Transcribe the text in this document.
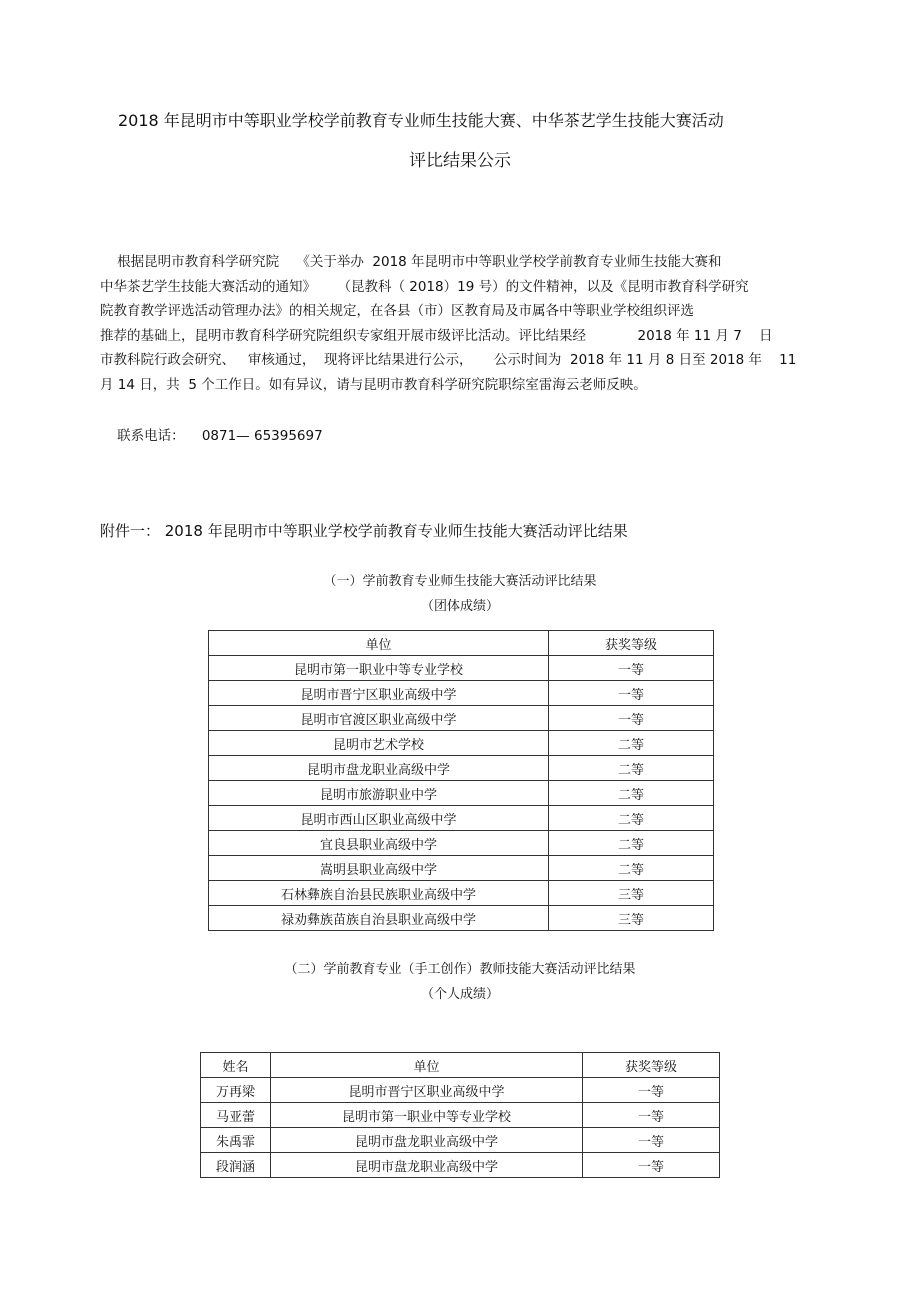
2018 年昆明市中等职业学校学前教育专业师生技能大赛、中华茶艺学生技能大赛活动
评比结果公示
根据昆明市教育科学研究院    《关于举办  2018 年昆明市中等职业学校学前教育专业师生技能大赛和
中华茶艺学生技能大赛活动的通知》     （昆教科（ 2018）19 号）的文件精神，以及《昆明市教育科学研究
院教育教学评选活动管理办法》的相关规定，在各县（市）区教育局及市属各中等职业学校组织评选
推荐的基础上，昆明市教育科学研究院组织专家组开展市级评比活动。评比结果经            2018 年 11 月 7    日
市教科院行政会研究、   审核通过，  现将评比结果进行公示，     公示时间为  2018 年 11 月 8 日至 2018 年    11
月 14 日，共  5 个工作日。如有异议，请与昆明市教育科学研究院职综室雷海云老师反映。
联系电话：    0871— 65395697
附件一： 2018 年昆明市中等职业学校学前教育专业师生技能大赛活动评比结果
（一）学前教育专业师生技能大赛活动评比结果
（团体成绩）
单位	获奖等级
昆明市第一职业中等专业学校	一等
昆明市晋宁区职业高级中学	一等
昆明市官渡区职业高级中学	一等
昆明市艺术学校	二等
昆明市盘龙职业高级中学	二等
昆明市旅游职业中学	二等
昆明市西山区职业高级中学	二等
宜良县职业高级中学	二等
嵩明县职业高级中学	二等
石林彝族自治县民族职业高级中学	三等
禄劝彝族苗族自治县职业高级中学	三等
（二）学前教育专业（手工创作）教师技能大赛活动评比结果
（个人成绩）
姓名	单位	获奖等级
万再梁	昆明市晋宁区职业高级中学	一等
马亚蕾	昆明市第一职业中等专业学校	一等
朱禹霏	昆明市盘龙职业高级中学	一等
段润涵	昆明市盘龙职业高级中学	一等
